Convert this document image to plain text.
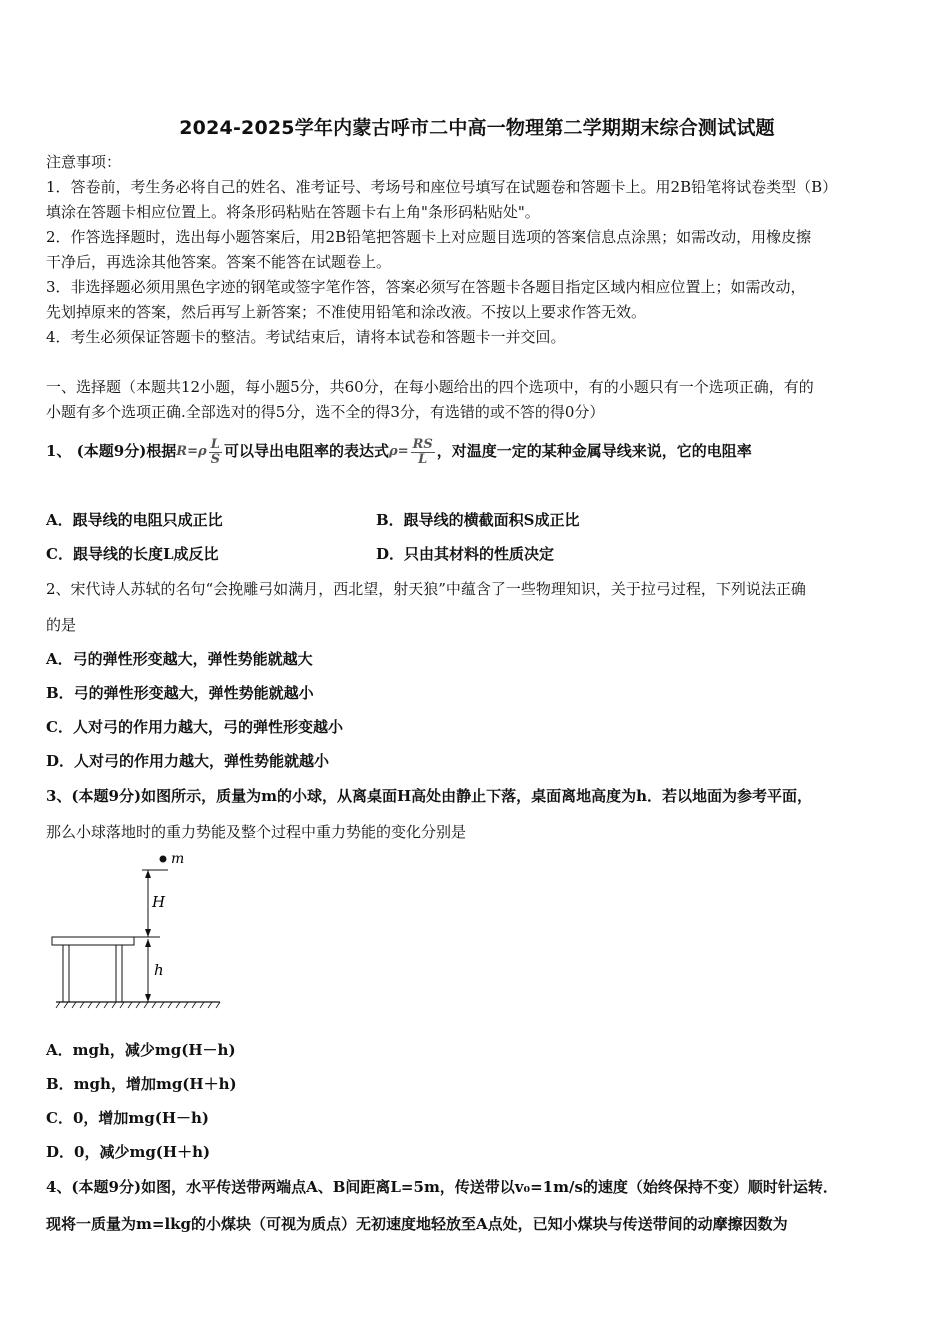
2024-2025学年内蒙古呼市二中高一物理第二学期期末综合测试试题
注意事项：
1．答卷前，考生务必将自己的姓名、准考证号、考场号和座位号填写在试题卷和答题卡上。用2B铅笔将试卷类型（B）
填涂在答题卡相应位置上。将条形码粘贴在答题卡右上角"条形码粘贴处"。
2．作答选择题时，选出每小题答案后，用2B铅笔把答题卡上对应题目选项的答案信息点涂黑；如需改动，用橡皮擦
干净后，再选涂其他答案。答案不能答在试题卷上。
3．非选择题必须用黑色字迹的钢笔或签字笔作答，答案必须写在答题卡各题目指定区域内相应位置上；如需改动，
先划掉原来的答案，然后再写上新答案；不准使用铅笔和涂改液。不按以上要求作答无效。
4．考生必须保证答题卡的整洁。考试结束后，请将本试卷和答题卡一并交回。
一、选择题（本题共12小题，每小题5分，共60分，在每小题给出的四个选项中，有的小题只有一个选项正确，有的
小题有多个选项正确.全部选对的得5分，选不全的得3分，有选错的或不答的得0分）
1、 (本题9分)根据$R=\rho \frac{L}{S}$ 可以导出电阻率的表达式$\rho= \frac{RS}{L}$ ，对温度一定的某种金属导线来说，它的电阻率
A．跟导线的电阻只成正比	B．跟导线的横截面积S成正比
C．跟导线的长度L成反比	D．只由其材料的性质决定
2、宋代诗人苏轼的名句“会挽雕弓如满月，西北望，射天狼”中蕴含了一些物理知识，关于拉弓过程，下列说法正确
的是
A．弓的弹性形变越大，弹性势能就越大
B．弓的弹性形变越大，弹性势能就越小
C．人对弓的作用力越大，弓的弹性形变越小
D．人对弓的作用力越大，弹性势能就越小
3、(本题9分)如图所示，质量为m的小球，从离桌面H高处由静止下落，桌面离地高度为h．若以地面为参考平面，
那么小球落地时的重力势能及整个过程中重力势能的变化分别是
m
H
h
A．mgh，减少mg(H－h)
B．mgh，增加mg(H＋h)
C．0，增加mg(H－h)
D．0，减少mg(H＋h)
4、(本题9分)如图，水平传送带两端点A、B间距离L=5m，传送带以v₀=1m/s的速度（始终保持不变）顺时针运转．
现将一质量为m=lkg的小煤块（可视为质点）无初速度地轻放至A点处，已知小煤块与传送带间的动摩擦因数为
